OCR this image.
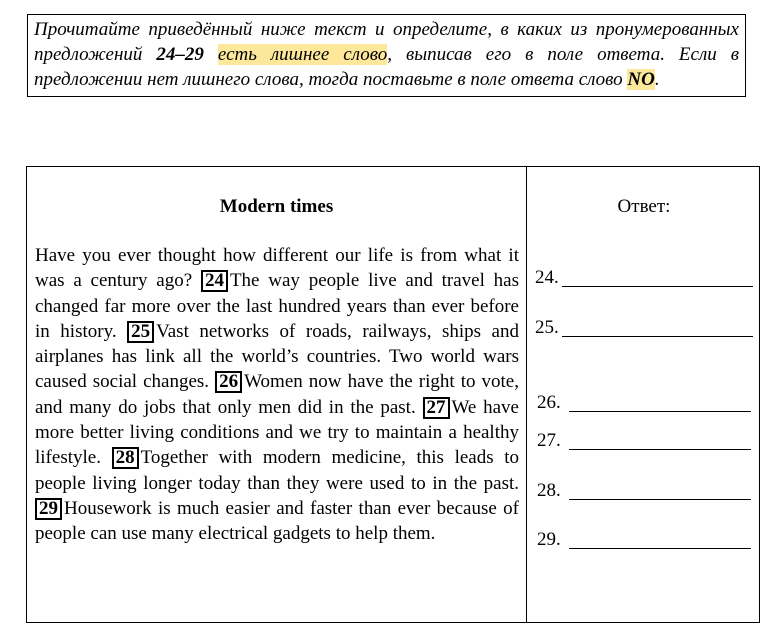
Прочитайте приведённый ниже текст и определите, в каких из пронумерованных предложений 24–29 есть лишнее слово, выписав его в поле ответа. Если в предложении нет лишнего слова, тогда поставьте в поле ответа слово NO.
Modern times	Ответ:

Have you ever thought how different our life is from what it was a century ago? 24 The way people live and travel has changed far more over the last hundred years than ever before in history. 25 Vast networks of roads, railways, ships and airplanes has link all the world’s countries. Two world wars caused social changes. 26 Women now have the right to vote, and many do jobs that only men did in the past. 27 We have more better living conditions and we try to maintain a healthy lifestyle. 28 Together with modern medicine, this leads to people living longer today than they were used to in the past. 29 Housework is much easier and faster than ever because of people can use many electrical gadgets to help them.

24.
25.
26.
27.
28.
29.
